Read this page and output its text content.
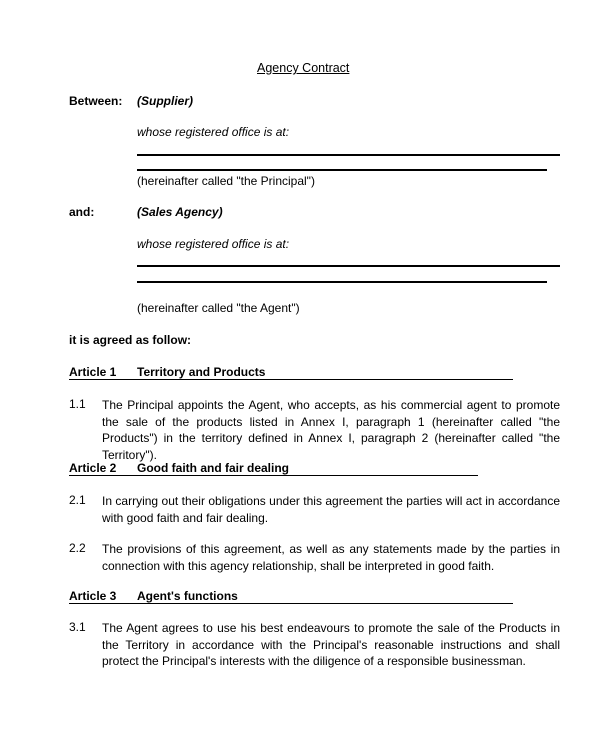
Agency Contract
Between: (Supplier)
whose registered office is at:
(hereinafter called "the Principal")
and:	(Sales Agency)
whose registered office is at:
(hereinafter called "the Agent")
it is agreed as follow:
Article 1 Territory and Products
1.1 The Principal appoints the Agent, who accepts, as his commercial agent to promote the sale of the products listed in Annex I, paragraph 1 (hereinafter called "the Products") in the territory defined in Annex I, paragraph 2 (hereinafter called "the Territory").
Article 2 Good faith and fair dealing
2.1 In carrying out their obligations under this agreement the parties will act in accordance with good faith and fair dealing.
2.2 The provisions of this agreement, as well as any statements made by the parties in connection with this agency relationship, shall be interpreted in good faith.
Article 3 Agent's functions
3.1 The Agent agrees to use his best endeavours to promote the sale of the Products in the Territory in accordance with the Principal's reasonable instructions and shall protect the Principal's interests with the diligence of a responsible businessman.
